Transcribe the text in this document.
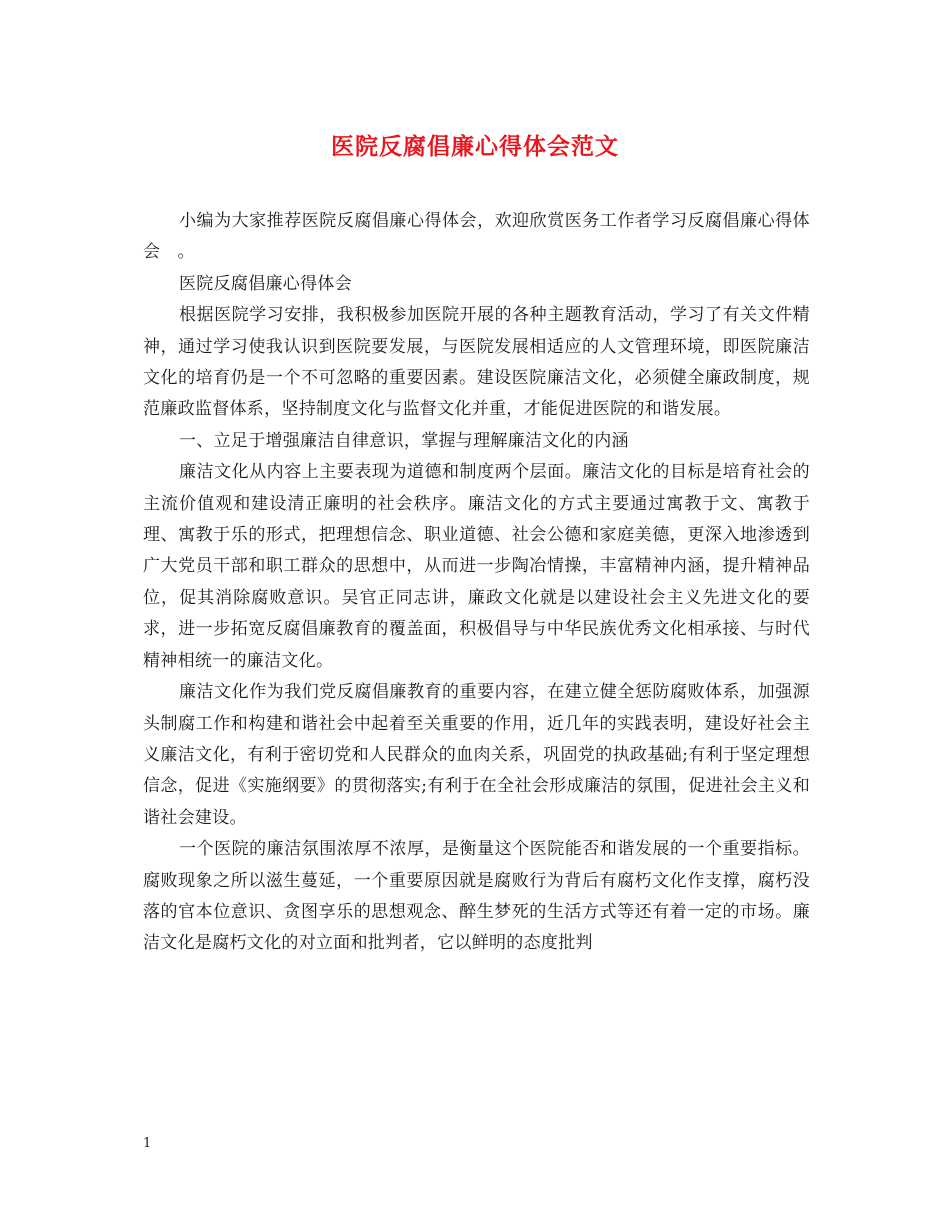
医院反腐倡廉心得体会范文

小编为大家推荐医院反腐倡廉心得体会，欢迎欣赏医务工作者学习反腐倡廉心得体会　。

医院反腐倡廉心得体会

根据医院学习安排，我积极参加医院开展的各种主题教育活动，学习了有关文件精神，通过学习使我认识到医院要发展，与医院发展相适应的人文管理环境，即医院廉洁文化的培育仍是一个不可忽略的重要因素。建设医院廉洁文化，必须健全廉政制度，规范廉政监督体系，坚持制度文化与监督文化并重，才能促进医院的和谐发展。

一、立足于增强廉洁自律意识，掌握与理解廉洁文化的内涵

廉洁文化从内容上主要表现为道德和制度两个层面。廉洁文化的目标是培育社会的主流价值观和建设清正廉明的社会秩序。廉洁文化的方式主要通过寓教于文、寓教于理、寓教于乐的形式，把理想信念、职业道德、社会公德和家庭美德，更深入地渗透到广大党员干部和职工群众的思想中，从而进一步陶冶情操，丰富精神内涵，提升精神品位，促其消除腐败意识。吴官正同志讲，廉政文化就是以建设社会主义先进文化的要求，进一步拓宽反腐倡廉教育的覆盖面，积极倡导与中华民族优秀文化相承接、与时代精神相统一的廉洁文化。

廉洁文化作为我们党反腐倡廉教育的重要内容，在建立健全惩防腐败体系，加强源头制腐工作和构建和谐社会中起着至关重要的作用，近几年的实践表明，建设好社会主义廉洁文化，有利于密切党和人民群众的血肉关系，巩固党的执政基础;有利于坚定理想信念，促进《实施纲要》的贯彻落实;有利于在全社会形成廉洁的氛围，促进社会主义和谐社会建设。

一个医院的廉洁氛围浓厚不浓厚，是衡量这个医院能否和谐发展的一个重要指标。腐败现象之所以滋生蔓延，一个重要原因就是腐败行为背后有腐朽文化作支撑，腐朽没落的官本位意识、贪图享乐的思想观念、醉生梦死的生活方式等还有着一定的市场。廉洁文化是腐朽文化的对立面和批判者，它以鲜明的态度批判

1
